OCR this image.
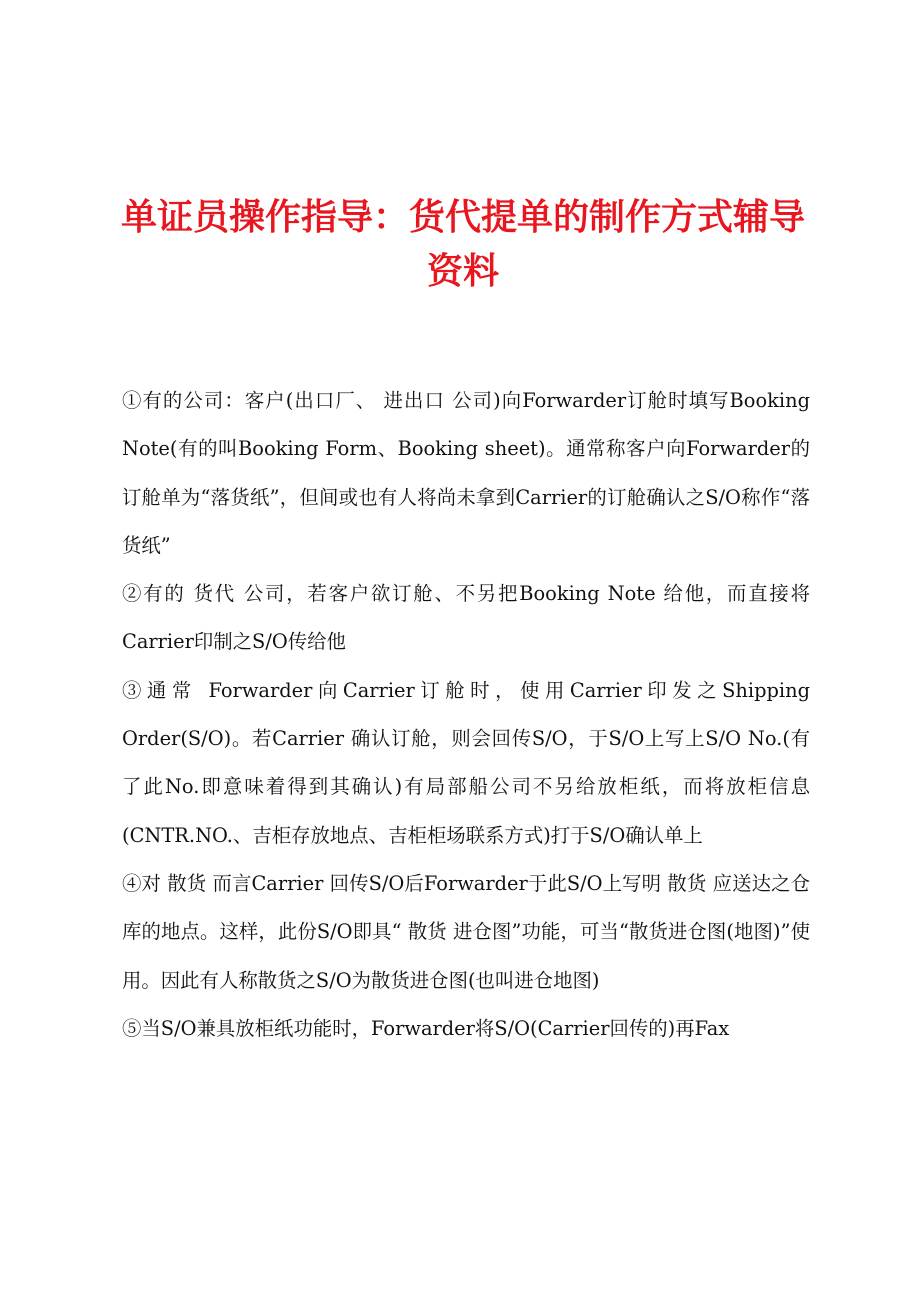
单证员操作指导：货代提单的制作方式辅导资料

①有的公司：客户(出口厂、 进出口 公司)向Forwarder订舱时填写Booking Note(有的叫Booking Form、Booking sheet)。通常称客户向Forwarder的订舱单为“落货纸”，但间或也有人将尚未拿到Carrier的订舱确认之S/O称作“落货纸”

②有的 货代 公司，若客户欲订舱、不另把Booking Note 给他，而直接将Carrier印制之S/O传给他

③通常 Forwarder向Carrier订舱时，使用Carrier印发之Shipping Order(S/O)。若Carrier 确认订舱，则会回传S/O，于S/O上写上S/O No.(有了此No.即意味着得到其确认)有局部船公司不另给放柜纸，而将放柜信息(CNTR.NO.、吉柜存放地点、吉柜柜场联系方式)打于S/O确认单上

④对 散货 而言Carrier 回传S/O后Forwarder于此S/O上写明 散货 应送达之仓库的地点。这样，此份S/O即具“ 散货 进仓图”功能，可当“散货进仓图(地图)”使用。因此有人称散货之S/O为散货进仓图(也叫进仓地图)

⑤当S/O兼具放柜纸功能时，Forwarder将S/O(Carrier回传的)再Fax
